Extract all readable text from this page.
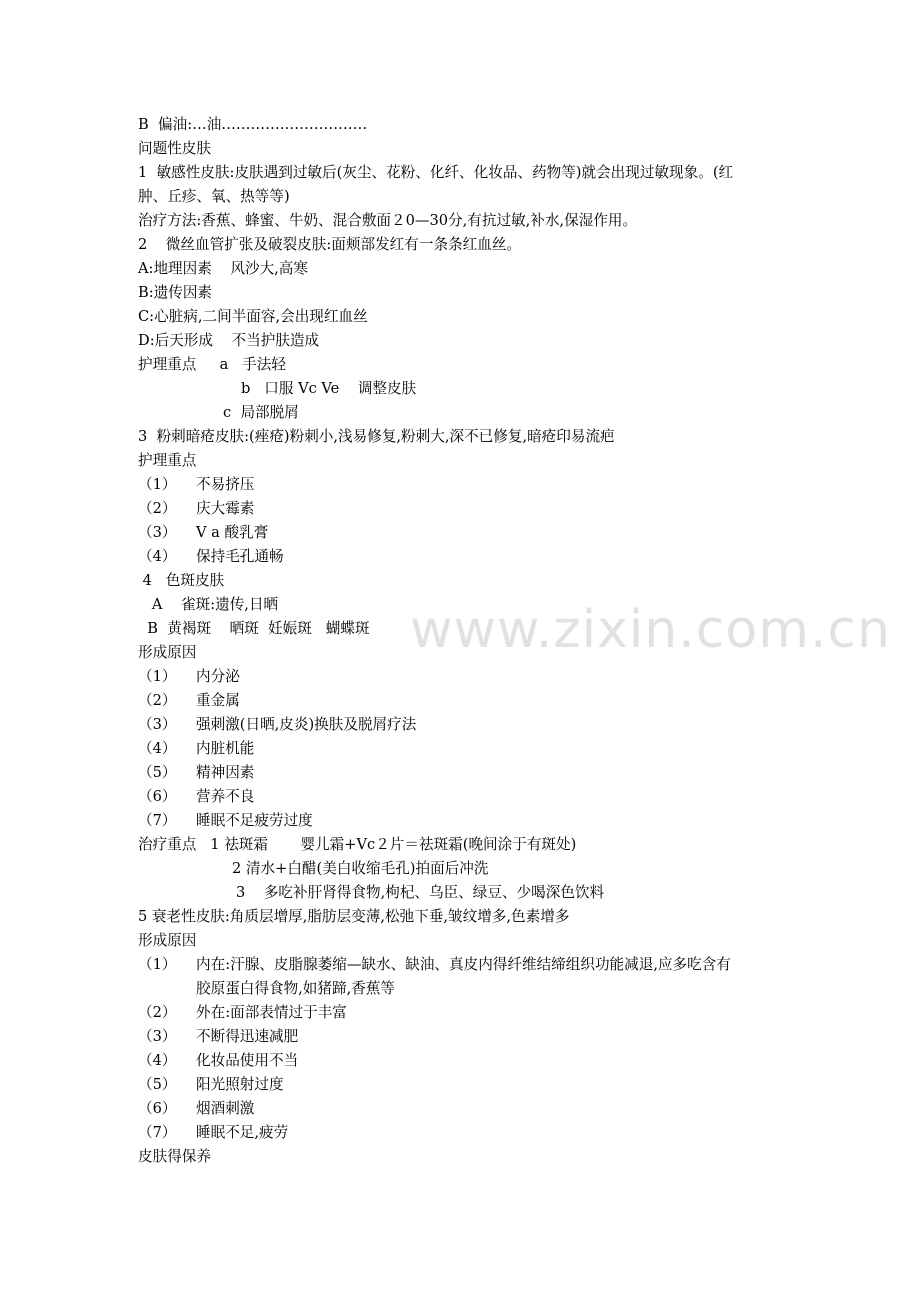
www.zixin.com.cn
B  偏油:…油…………………………
问题性皮肤
1  敏感性皮肤:皮肤遇到过敏后(灰尘、花粉、化纤、化妆品、药物等)就会出现过敏现象。(红
肿、丘疹、氧、热等等)
治疗方法:香蕉、蜂蜜、牛奶、混合敷面２0—30分,有抗过敏,补水,保湿作用。
2    微丝血管扩张及破裂皮肤:面颊部发红有一条条红血丝。
A:地理因素    风沙大,高寒
B:遗传因素
C:心脏病,二间半面容,会出现红血丝
D:后天形成    不当护肤造成
护理重点     a   手法轻
b   口服 Vc Ve    调整皮肤
c  局部脱屑
3  粉刺暗疮皮肤:(痤疮)粉刺小,浅易修复,粉刺大,深不已修复,暗疮印易流疤
护理重点
（1） 不易挤压
（2） 庆大霉素
（3） V a 酸乳膏
（4） 保持毛孔通畅
4   色斑皮肤
A    雀斑:遗传,日晒
B  黄褐斑    晒斑  妊娠斑   蝴蝶斑
形成原因
（1） 内分泌
（2） 重金属
（3） 强刺激(日晒,皮炎)换肤及脱屑疗法
（4） 内脏机能
（5） 精神因素
（6） 营养不良
（7） 睡眠不足疲劳过度
治疗重点   1 祛斑霜       婴儿霜+Vc２片＝祛斑霜(晚间涂于有斑处)
2 清水+白醋(美白收缩毛孔)拍面后冲洗
3    多吃补肝肾得食物,枸杞、乌臣、绿豆、少喝深色饮料
5 衰老性皮肤:角质层增厚,脂肪层变薄,松弛下垂,皱纹增多,色素增多
形成原因
（1） 内在:汗腺、皮脂腺萎缩—缺水、缺油、真皮内得纤维结缔组织功能减退,应多吃含有
胶原蛋白得食物,如猪蹄,香蕉等
（2） 外在:面部表情过于丰富
（3） 不断得迅速减肥
（4） 化妆品使用不当
（5） 阳光照射过度
（6） 烟酒刺激
（7） 睡眠不足,疲劳
皮肤得保养
